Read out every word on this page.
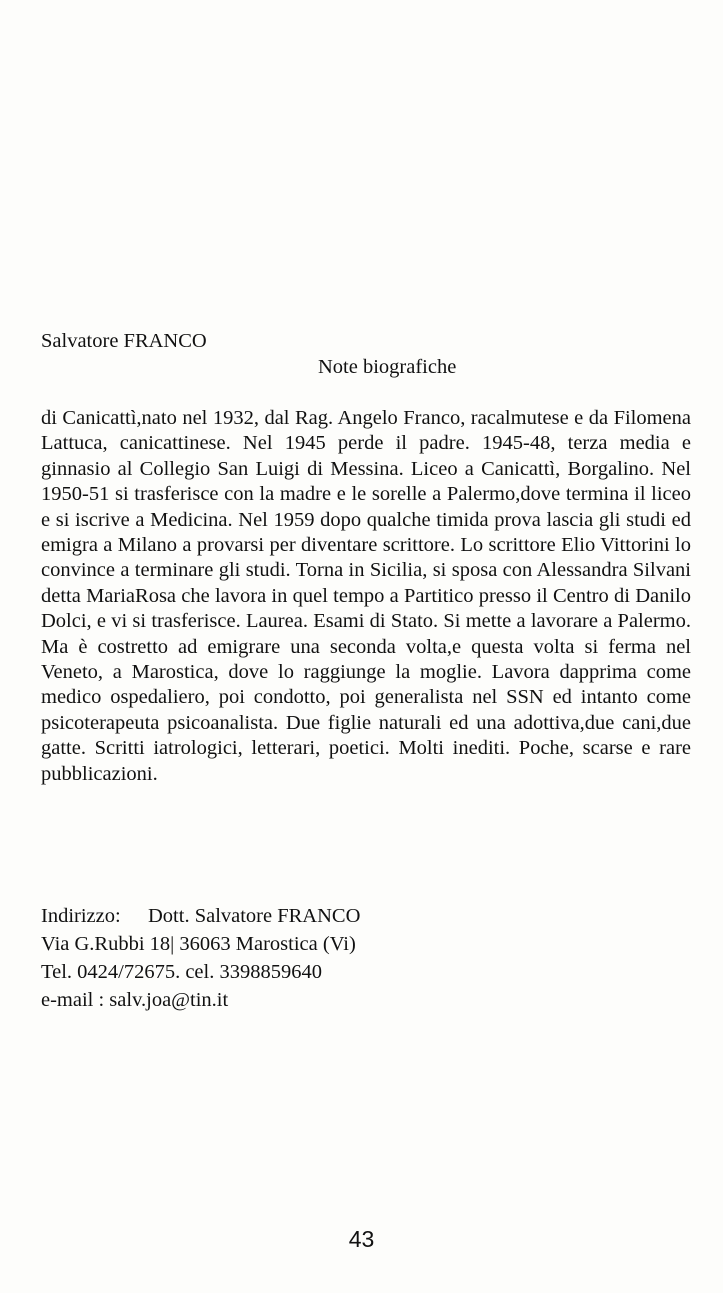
Salvatore FRANCO
Note biografiche

di Canicattì,nato nel 1932, dal Rag. Angelo Franco, racalmutese e da Filomena Lattuca, canicattinese. Nel 1945 perde il padre. 1945-48, terza media e ginnasio al Collegio San Luigi di Messina. Liceo a Canicattì, Borgalino. Nel 1950-51 si trasferisce con la madre e le sorelle a Palermo,dove termina il liceo e si iscrive a Medicina. Nel 1959 dopo qualche timida prova lascia gli studi ed emigra a Milano a provarsi per diventare scrittore. Lo scrittore Elio Vittorini lo convince a terminare gli studi. Torna in Sicilia, si sposa con Alessandra Silvani detta MariaRosa che lavora in quel tempo a Partitico presso il Centro di Danilo Dolci, e vi si trasferisce. Laurea. Esami di Stato. Si mette a lavorare a Palermo. Ma è costretto ad emigrare una seconda volta,e questa volta si ferma nel Veneto, a Marostica, dove lo raggiunge la moglie. Lavora dapprima come medico ospedaliero, poi condotto, poi generalista nel SSN ed intanto come psicoterapeuta psicoanalista. Due figlie naturali ed una adottiva,due cani,due gatte. Scritti iatrologici, letterari, poetici. Molti inediti. Poche, scarse e rare pubblicazioni.

Indirizzo: Dott. Salvatore FRANCO
Via G.Rubbi 18| 36063 Marostica (Vi)
Tel. 0424/72675. cel. 3398859640
e-mail : salv.joa@tin.it
43
